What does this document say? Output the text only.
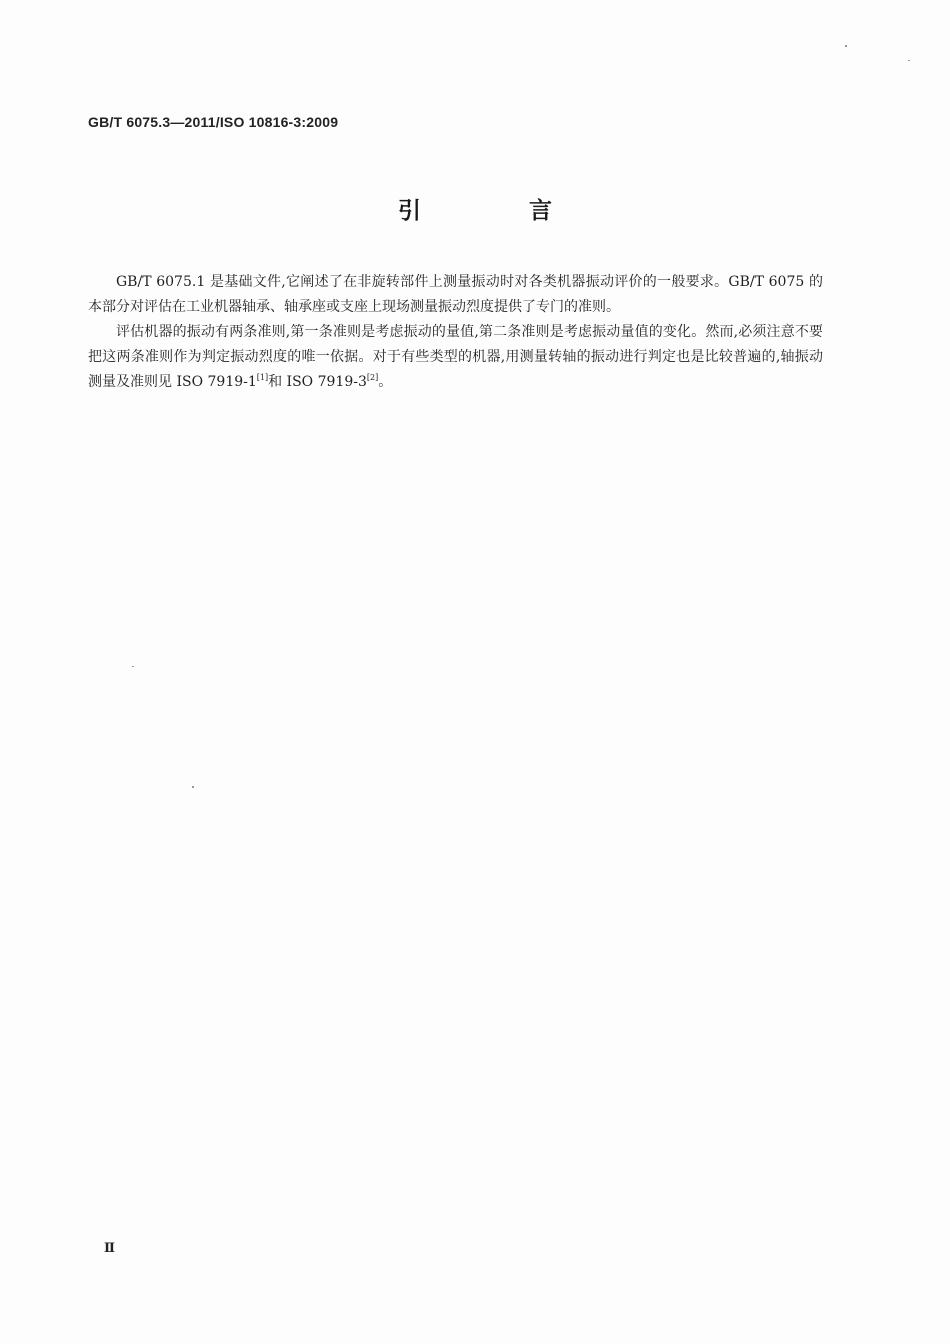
GB/T 6075.3—2011/ISO 10816-3:2009
引 言

GB/T 6075.1 是基础文件,它阐述了在非旋转部件上测量振动时对各类机器振动评价的一般要求。GB/T 6075 的本部分对评估在工业机器轴承、轴承座或支座上现场测量振动烈度提供了专门的准则。

评估机器的振动有两条准则,第一条准则是考虑振动的量值,第二条准则是考虑振动量值的变化。然而,必须注意不要把这两条准则作为判定振动烈度的唯一依据。对于有些类型的机器,用测量转轴的振动进行判定也是比较普遍的,轴振动测量及准则见 ISO 7919-1[1]和 ISO 7919-3[2]。

Ⅱ
